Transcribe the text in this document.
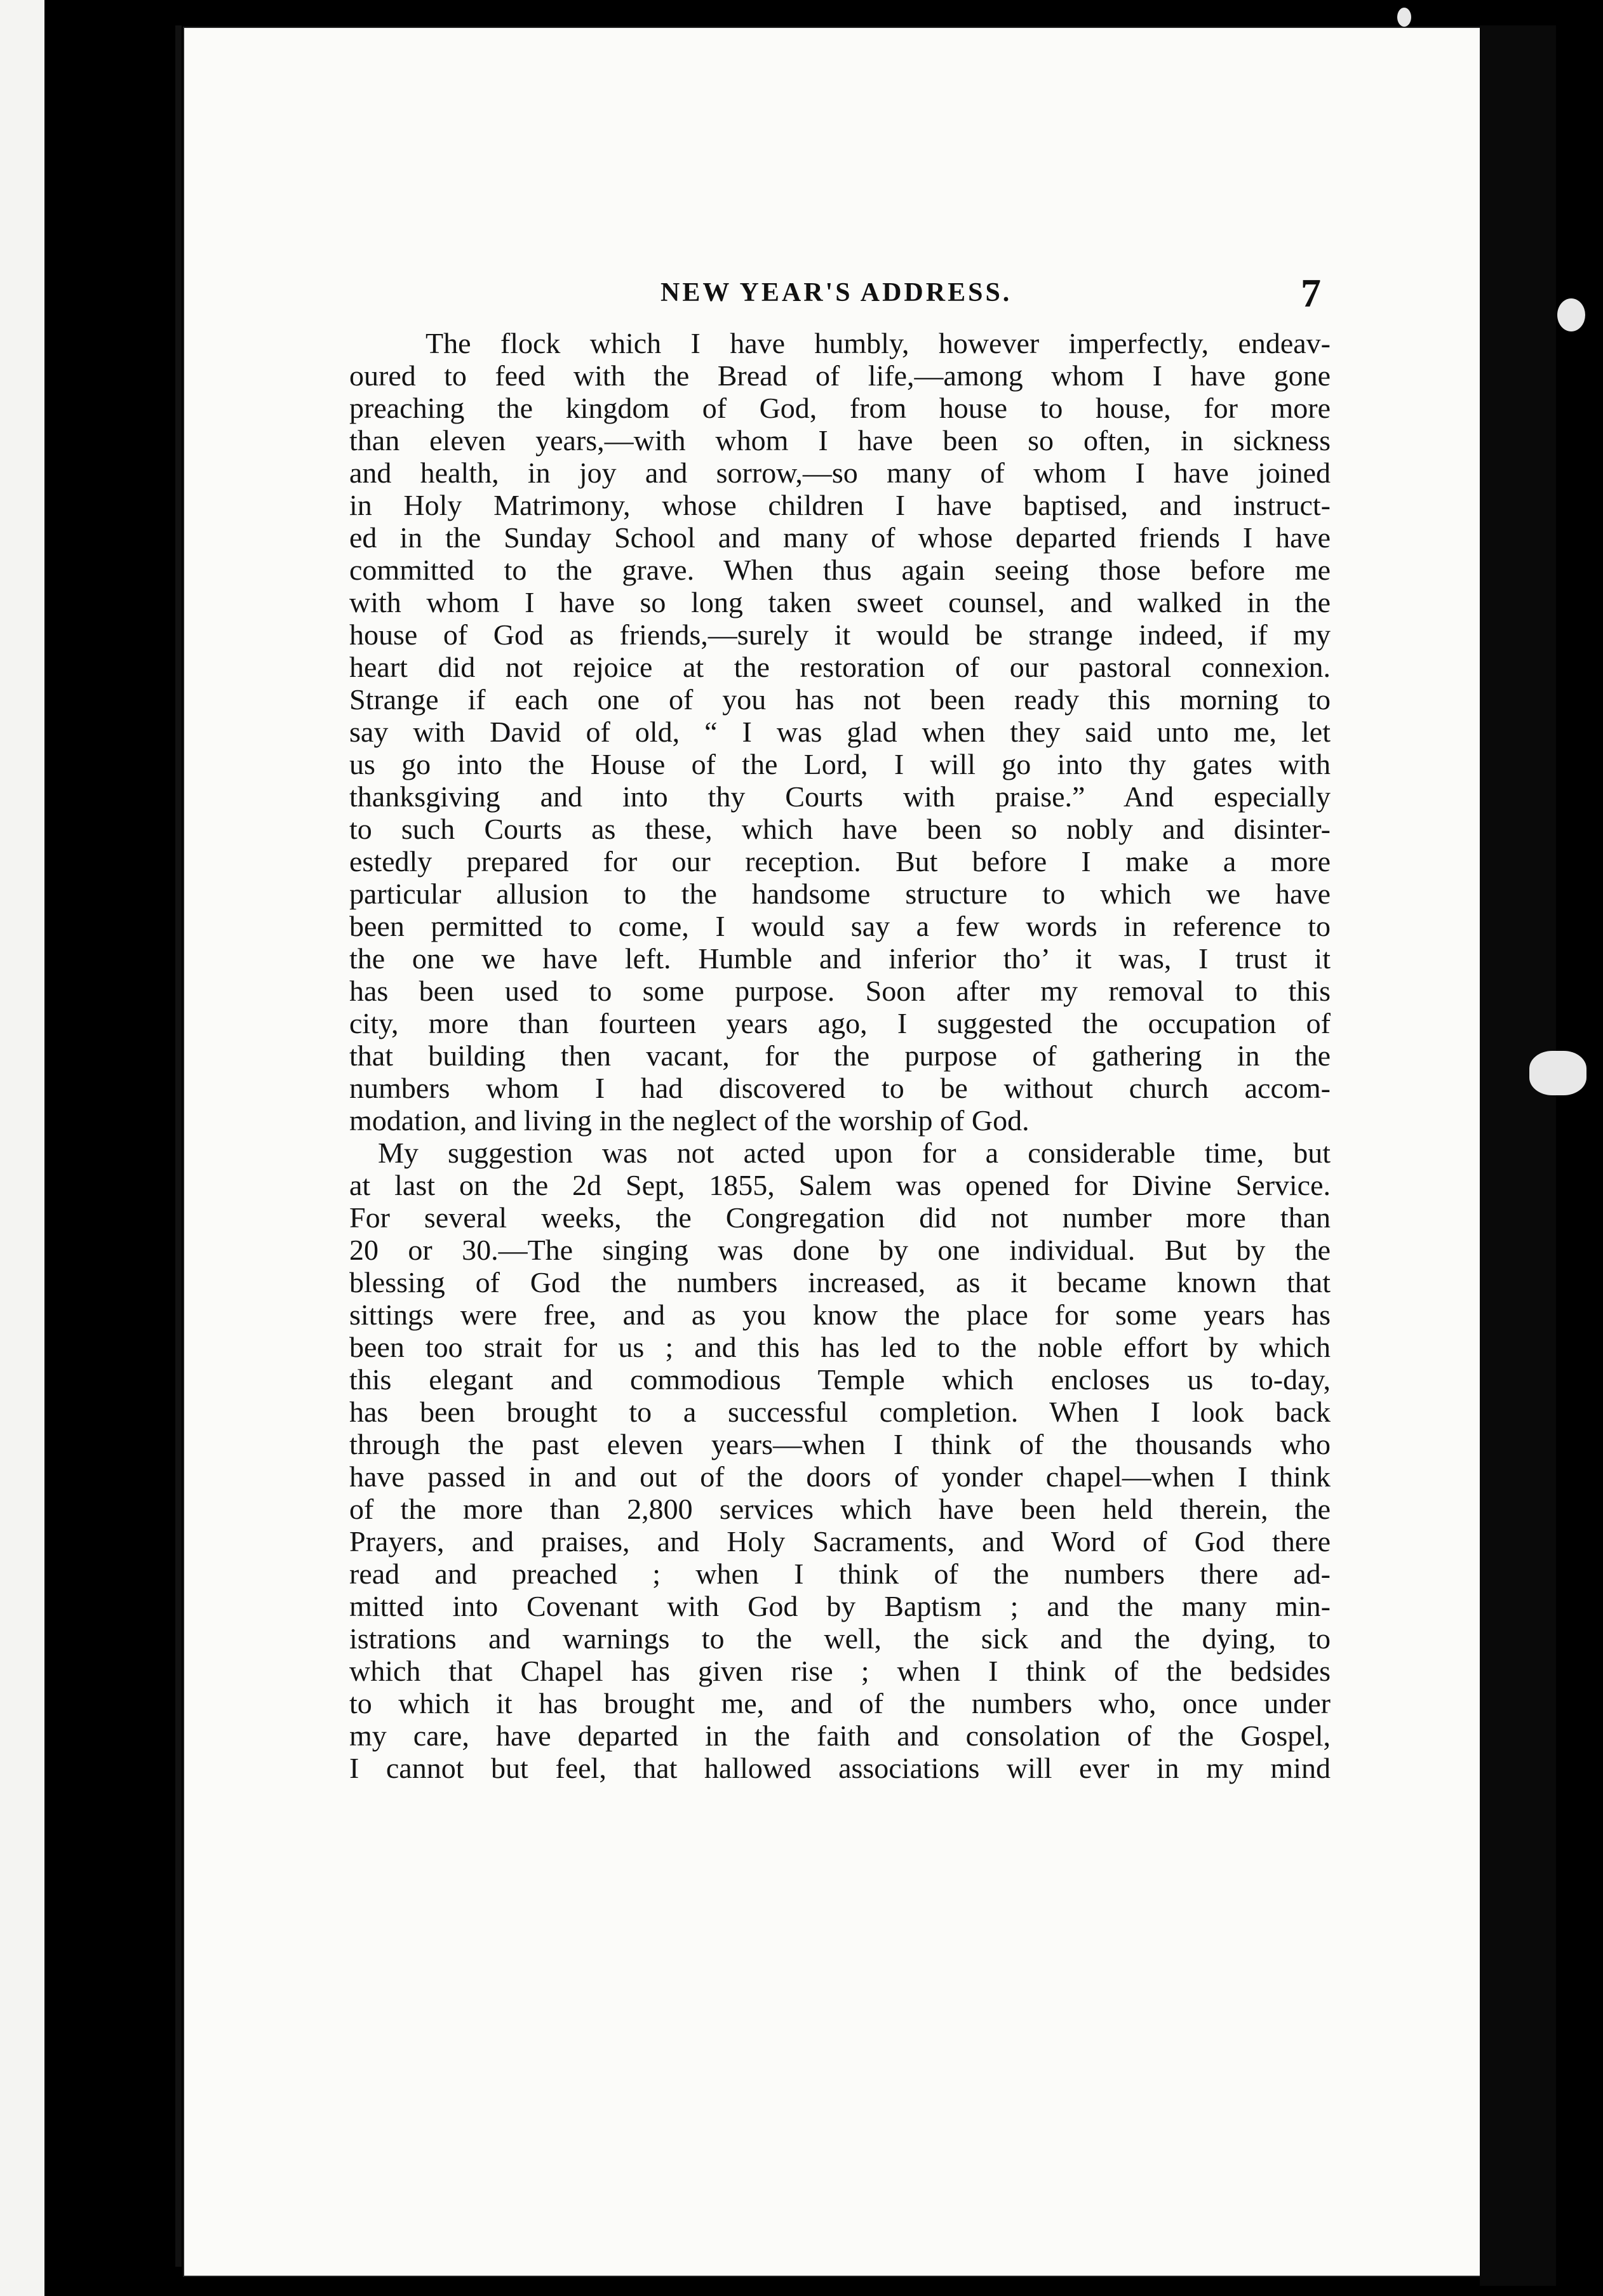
NEW YEAR'S ADDRESS.	7
The flock which I have humbly, however imperfectly, endeav-
oured to feed with the Bread of life,—among whom I have gone
preaching the kingdom of God, from house to house, for more
than eleven years,—with whom I have been so often, in sickness
and health, in joy and sorrow,—so many of whom I have joined
in Holy Matrimony, whose children I have baptised, and instruct-
ed in the Sunday School and many of whose departed friends I have
committed to the grave. When thus again seeing those before me
with whom I have so long taken sweet counsel, and walked in the
house of God as friends,—surely it would be strange indeed, if my
heart did not rejoice at the restoration of our pastoral connexion.
Strange if each one of you has not been ready this morning to
say with David of old, “ I was glad when they said unto me, let
us go into the House of the Lord, I will go into thy gates with
thanksgiving and into thy Courts with praise.” And especially
to such Courts as these, which have been so nobly and disinter-
estedly prepared for our reception. But before I make a more
particular allusion to the handsome structure to which we have
been permitted to come, I would say a few words in reference to
the one we have left. Humble and inferior tho’ it was, I trust it
has been used to some purpose. Soon after my removal to this
city, more than fourteen years ago, I suggested the occupation of
that building then vacant, for the purpose of gathering in the
numbers whom I had discovered to be without church accom-
modation, and living in the neglect of the worship of God.
My suggestion was not acted upon for a considerable time, but
at last on the 2d Sept, 1855, Salem was opened for Divine Service.
For several weeks, the Congregation did not number more than
20 or 30.—The singing was done by one individual. But by the
blessing of God the numbers increased, as it became known that
sittings were free, and as you know the place for some years has
been too strait for us ; and this has led to the noble effort by which
this elegant and commodious Temple which encloses us to-day,
has been brought to a successful completion. When I look back
through the past eleven years—when I think of the thousands who
have passed in and out of the doors of yonder chapel—when I think
of the more than 2,800 services which have been held therein, the
Prayers, and praises, and Holy Sacraments, and Word of God there
read and preached ; when I think of the numbers there ad-
mitted into Covenant with God by Baptism ; and the many min-
istrations and warnings to the well, the sick and the dying, to
which that Chapel has given rise ; when I think of the bedsides
to which it has brought me, and of the numbers who, once under
my care, have departed in the faith and consolation of the Gospel,
I cannot but feel, that hallowed associations will ever in my mind
